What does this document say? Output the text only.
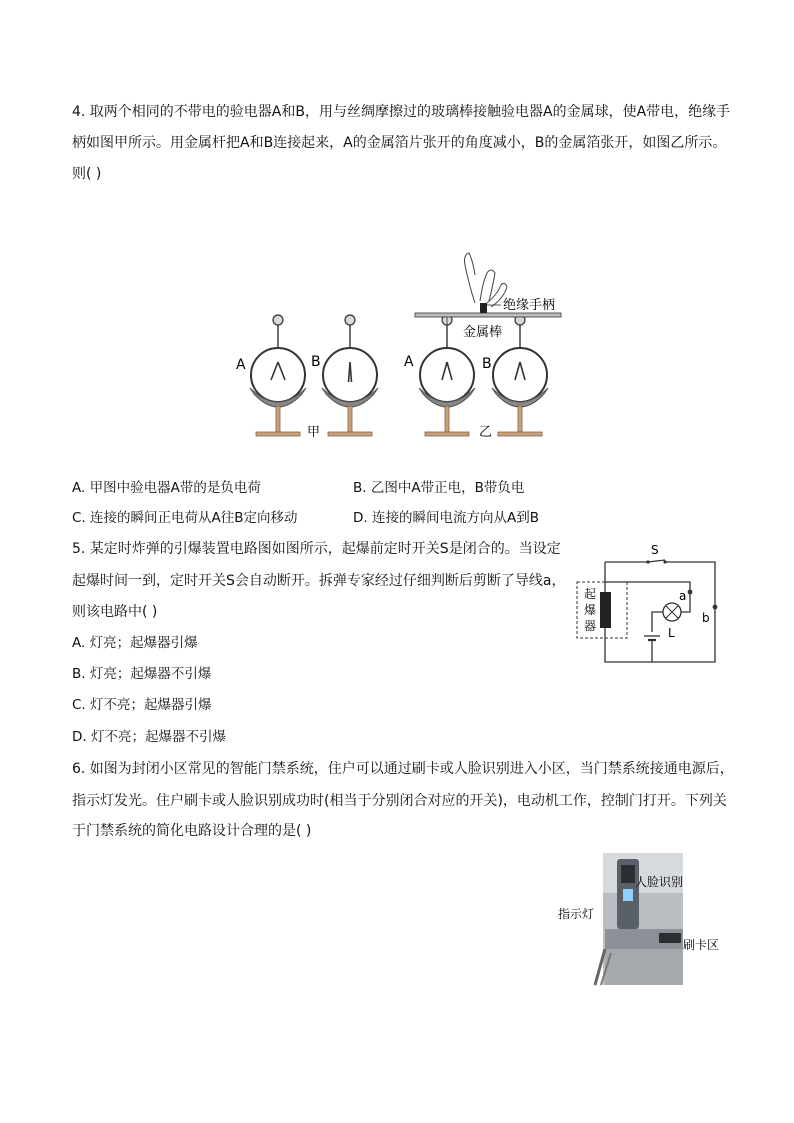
4. 取两个相同的不带电的验电器A和B，用与丝绸摩擦过的玻璃棒接触验电器A的金属球，使A带电，绝缘手
柄如图甲所示。用金属杆把A和B连接起来，A的金属箔片张开的角度减小，B的金属箔张开，如图乙所示。
则( )
A	B	A	B
绝缘手柄
金属棒
甲	乙
A. 甲图中验电器A带的是负电荷	B. 乙图中A带正电，B带负电
C. 连接的瞬间正电荷从A往B定向移动	D. 连接的瞬间电流方向从A到B
5. 某定时炸弹的引爆装置电路图如图所示，起爆前定时开关S是闭合的。当设定
起爆时间一到，定时开关S会自动断开。拆弹专家经过仔细判断后剪断了导线a，
则该电路中( )
A. 灯亮；起爆器引爆
B. 灯亮；起爆器不引爆
C. 灯不亮；起爆器引爆
D. 灯不亮；起爆器不引爆
S
b
a
L
起
爆
器
6. 如图为封闭小区常见的智能门禁系统，住户可以通过刷卡或人脸识别进入小区，当门禁系统接通电源后，
指示灯发光。住户刷卡或人脸识别成功时(相当于分别闭合对应的开关)，电动机工作，控制门打开。下列关
于门禁系统的简化电路设计合理的是( )
人脸识别
指示灯
刷卡区
